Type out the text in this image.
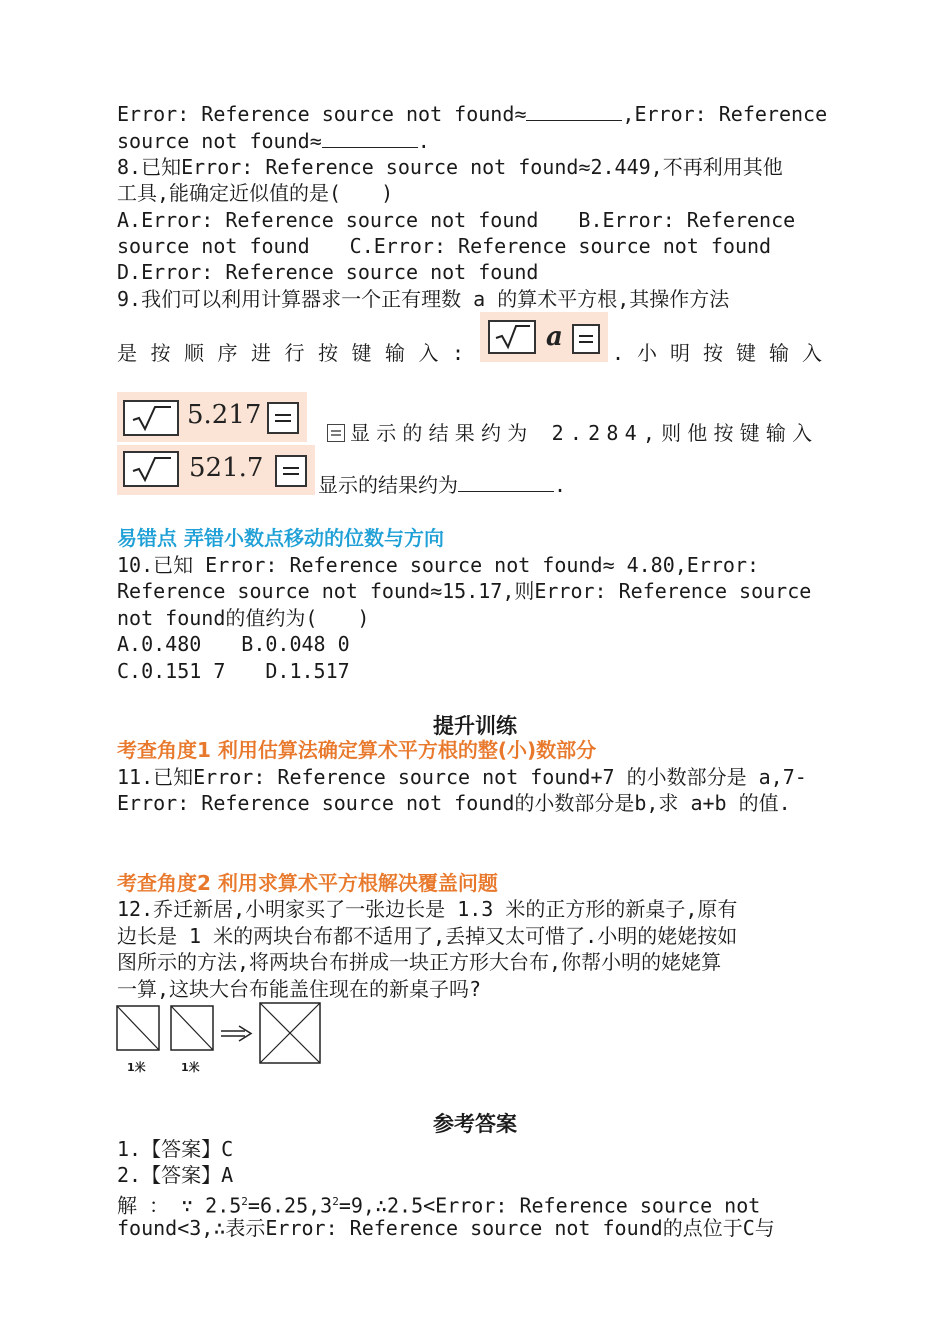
Error: Reference source not found≈	,Error: Reference
source not found≈	.
8.已知Error: Reference source not found≈2.449,不再利用其他
工具,能确定近似值的是(　　)
A.Error: Reference source not found　　B.Error: Reference
source not found　　C.Error: Reference source not found
D.Error: Reference source not found
9.我们可以利用计算器求一个正有理数 a 的算术平方根,其操作方法
是按顺序进行按键输入:
a
.小明按键输入
5.217
显示的结果约为 2.284,则他按键输入
521.7
显示的结果约为	.
易错点 弄错小数点移动的位数与方向
10.已知 Error: Reference source not found≈ 4.80,Error:
Reference source not found≈15.17,则Error: Reference source
not found的值约为(　　)
A.0.480　　B.0.048 0
C.0.151 7　　D.1.517
提升训练
考查角度1 利用估算法确定算术平方根的整(小)数部分
11.已知Error: Reference source not found+7 的小数部分是 a,7-
Error: Reference source not found的小数部分是b,求 a+b 的值.
考查角度2 利用求算术平方根解决覆盖问题
12.乔迁新居,小明家买了一张边长是 1.3 米的正方形的新桌子,原有
边长是 1 米的两块台布都不适用了,丢掉又太可惜了.小明的姥姥按如
图所示的方法,将两块台布拼成一块正方形大台布,你帮小明的姥姥算
一算,这块大台布能盖住现在的新桌子吗?
1米	1米
参考答案
1.【答案】C
2.【答案】A
解 ： ∵ $2.5^2=6.25,3^2=9,\therefore 2.5<Error$: Reference source not
found<3,∴表示Error: Reference source not found的点位于C与
